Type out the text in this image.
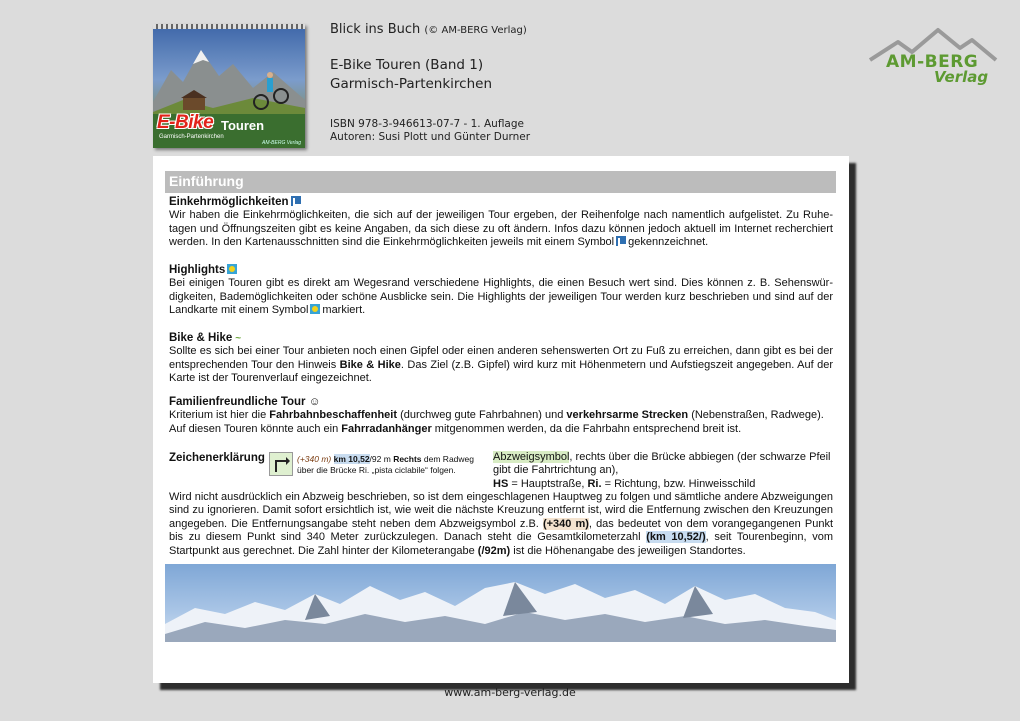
E-Bike Touren
Garmisch-Partenkirchen
AM-BERG Verlag
Blick ins Buch (© AM-BERG Verlag)
E-Bike Touren (Band 1)
Garmisch-Partenkirchen
ISBN 978-3-946613-07-7 - 1. Auflage
Autoren: Susi Plott und Günter Durner
AM-BERG
Verlag
Einführung
Einkehrmöglichkeiten
Wir haben die Einkehrmöglichkeiten, die sich auf der jeweiligen Tour ergeben, der Reihenfolge nach namentlich aufgelistet. Zu Ruhe-tagen und Öffnungszeiten gibt es keine Angaben, da sich diese zu oft ändern. Infos dazu können jedoch aktuell im Internet recherchiert werden. In den Kartenausschnitten sind die Einkehrmöglichkeiten jeweils mit einem Symbol gekennzeichnet.
Highlights
Bei einigen Touren gibt es direkt am Wegesrand verschiedene Highlights, die einen Besuch wert sind. Dies können z. B. Sehenswür-digkeiten, Bademöglichkeiten oder schöne Ausblicke sein. Die Highlights der jeweiligen Tour werden kurz beschrieben und sind auf der Landkarte mit einem Symbol markiert.
Bike & Hike ~
Sollte es sich bei einer Tour anbieten noch einen Gipfel oder einen anderen sehenswerten Ort zu Fuß zu erreichen, dann gibt es bei der entsprechenden Tour den Hinweis Bike & Hike. Das Ziel (z.B. Gipfel) wird kurz mit Höhenmetern und Aufstiegszeit angegeben. Auf der Karte ist der Tourenverlauf eingezeichnet.
Familienfreundliche Tour ☺
Kriterium ist hier die Fahrbahnbeschaffenheit (durchweg gute Fahrbahnen) und verkehrsarme Strecken (Nebenstraßen, Radwege). Auf diesen Touren könnte auch ein Fahrradanhänger mitgenommen werden, da die Fahrbahn entsprechend breit ist.
Zeichenerklärung	(+340 m) km 10,52/92 m Rechts dem Radweg
über die Brücke Ri. „pista ciclabile“ folgen.
Abzweigsymbol, rechts über die Brücke abbiegen (der schwarze Pfeil gibt die Fahrtrichtung an),
HS = Hauptstraße, Ri. = Richtung, bzw. Hinweisschild
Wird nicht ausdrücklich ein Abzweig beschrieben, so ist dem eingeschlagenen Hauptweg zu folgen und sämtliche andere Abzweigungen sind zu ignorieren. Damit sofort ersichtlich ist, wie weit die nächste Kreuzung entfernt ist, wird die Entfernung zwischen den Kreuzungen angegeben. Die Entfernungsangabe steht neben dem Abzweigsymbol z.B. (+340 m), das bedeutet von dem vorangegangenen Punkt bis zu diesem Punkt sind 340 Meter zurückzulegen. Danach steht die Gesamtkilometerzahl (km 10,52/), seit Tourenbeginn, vom Startpunkt aus gerechnet. Die Zahl hinter der Kilometerangabe (/92m) ist die Höhenangabe des jeweiligen Standortes.
www.am-berg-verlag.de
